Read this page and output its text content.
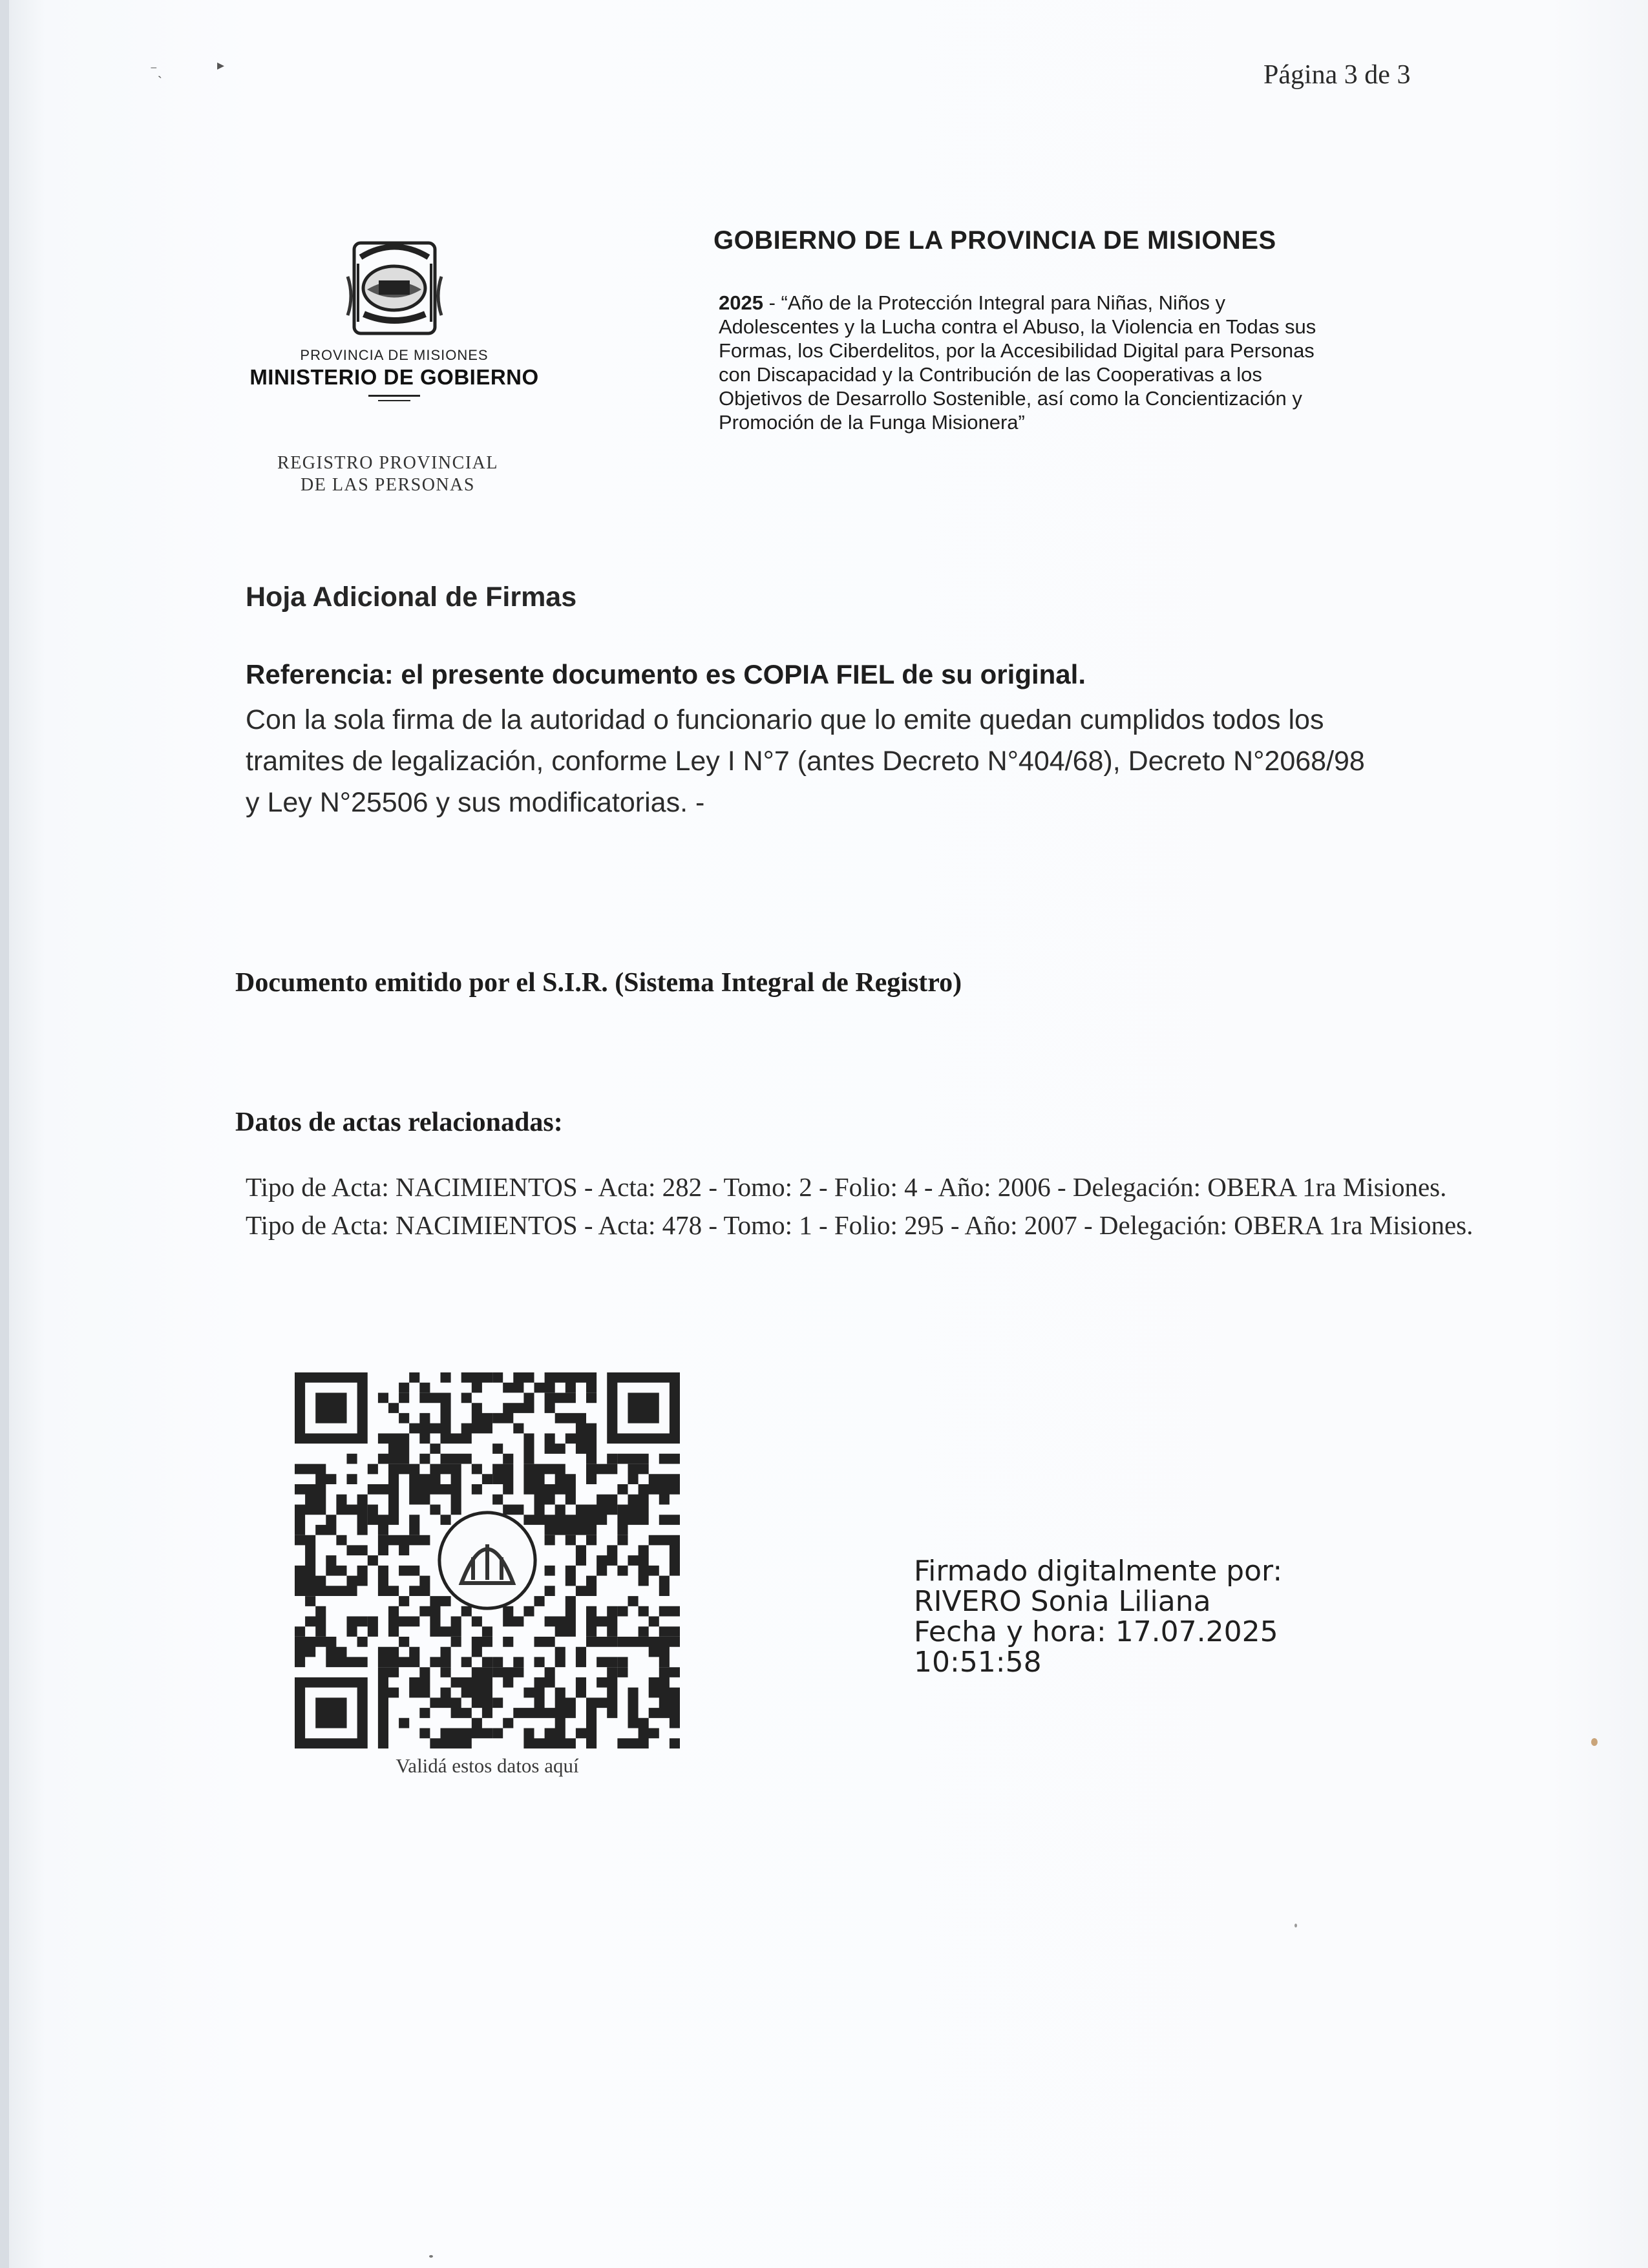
⁻ˎ	▸	Página 3 de 3
PROVINCIA DE MISIONES
MINISTERIO DE GOBIERNO
REGISTRO PROVINCIAL
DE LAS PERSONAS
GOBIERNO DE LA PROVINCIA DE MISIONES
2025 - “Año de la Protección Integral para Niñas, Niños y Adolescentes y la Lucha contra el Abuso, la Violencia en Todas sus Formas, los Ciberdelitos, por la Accesibilidad Digital para Personas con Discapacidad y la Contribución de las Cooperativas a los Objetivos de Desarrollo Sostenible, así como la Concientización y Promoción de la Funga Misionera”
Hoja Adicional de Firmas
Referencia: el presente documento es COPIA FIEL de su original.
Con la sola firma de la autoridad o funcionario que lo emite quedan cumplidos todos los tramites de legalización, conforme Ley I N°7 (antes Decreto N°404/68), Decreto N°2068/98 y Ley N°25506 y sus modificatorias. -
Documento emitido por el S.I.R. (Sistema Integral de Registro)
Datos de actas relacionadas:

Tipo de Acta: NACIMIENTOS - Acta: 282 - Tomo: 2 - Folio: 4 - Año: 2006 - Delegación: OBERA 1ra Misiones.

Tipo de Acta: NACIMIENTOS - Acta: 478 - Tomo: 1 - Folio: 295 - Año: 2007 - Delegación: OBERA 1ra Misiones.

Validá estos datos aquí
Firmado digitalmente por:
RIVERO Sonia Liliana
Fecha y hora: 17.07.2025
10:51:58
